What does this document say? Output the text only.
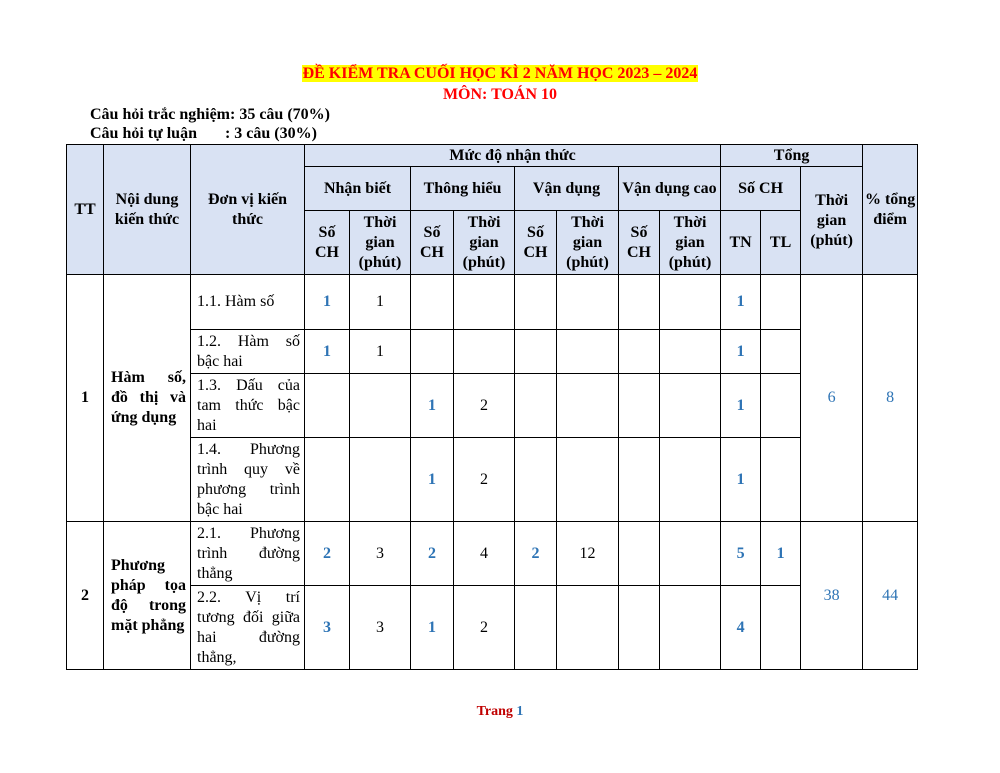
ĐỀ KIỂM TRA CUỐI HỌC KÌ 2 NĂM HỌC 2023 – 2024
MÔN: TOÁN 10
Câu hỏi trắc nghiệm: 35 câu (70%)
Câu hỏi tự luận       : 3 câu (30%)
TT	Nội dung kiến thức	Đơn vị kiến thức	Mức độ nhận thức								Tổng			% tổng điểm
			Nhận biết		Thông hiểu		Vận dụng		Vận dụng cao		Số CH		Thời gian (phút)	
			Số CH	Thời gian (phút)	Số CH	Thời gian (phút)	Số CH	Thời gian (phút)	Số CH	Thời gian (phút)	TN	TL		
1	Hàm số, đồ thị và ứng dụng	1.1. Hàm số	1	1							1		6	8
		1.2. Hàm số bậc hai	1	1							1			
		1.3. Dấu của tam thức bậc hai			1	2					1			
		1.4. Phương trình quy về phương trình bậc hai			1	2					1			
2	Phương pháp tọa độ trong mặt phẳng	2.1. Phương trình đường thẳng	2	3	2	4	2	12			5	1	38	44
		2.2. Vị trí tương đối giữa hai đường thẳng,	3	3	1	2					4			
Trang 1
